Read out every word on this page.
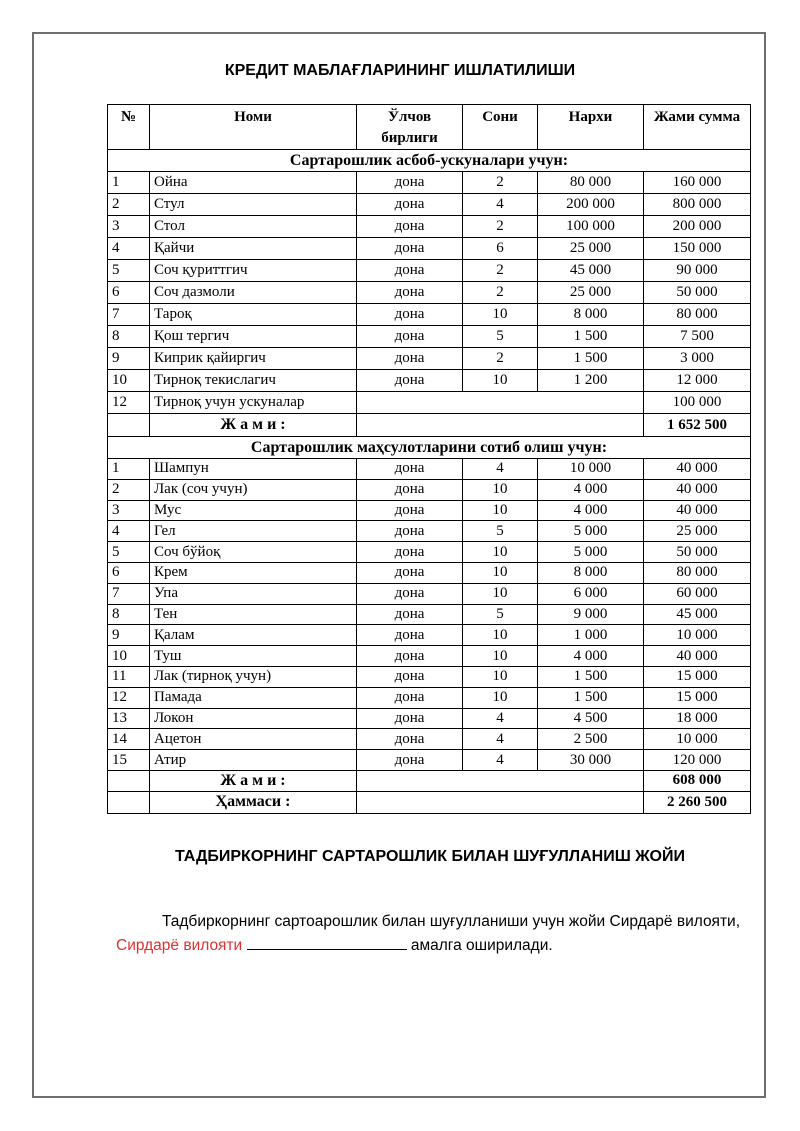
КРЕДИТ МАБЛАҒЛАРИНИНГ ИШЛАТИЛИШИ
№	Номи	Ўлчов бирлиги	Сони	Нархи	Жами сумма
Сартарошлик асбоб-ускуналари учун:					
1	Ойна	дона	2	80 000	160 000
2	Стул	дона	4	200 000	800 000
3	Стол	дона	2	100 000	200 000
4	Қайчи	дона	6	25 000	150 000
5	Соч қуриттгич	дона	2	45 000	90 000
6	Соч дазмоли	дона	2	25 000	50 000
7	Тароқ	дона	10	8 000	80 000
8	Қош тергич	дона	5	1 500	7 500
9	Киприк қайиргич	дона	2	1 500	3 000
10	Тирноқ текислагич	дона	10	1 200	12 000
12	Тирноқ учун ускуналар				100 000
	Ж а м и :				1 652 500
Сартарошлик маҳсулотларини сотиб олиш учун:					
1	Шампун	дона	4	10 000	40 000
2	Лак (соч учун)	дона	10	4 000	40 000
3	Мус	дона	10	4 000	40 000
4	Гел	дона	5	5 000	25 000
5	Соч бўйоқ	дона	10	5 000	50 000
6	Крем	дона	10	8 000	80 000
7	Упа	дона	10	6 000	60 000
8	Тен	дона	5	9 000	45 000
9	Қалам	дона	10	1 000	10 000
10	Туш	дона	10	4 000	40 000
11	Лак (тирноқ учун)	дона	10	1 500	15 000
12	Памада	дона	10	1 500	15 000
13	Локон	дона	4	4 500	18 000
14	Ацетон	дона	4	2 500	10 000
15	Атир	дона	4	30 000	120 000
	Ж а м и :				608 000
	Ҳаммаси :				2 260 500
ТАДБИРКОРНИНГ САРТАРОШЛИК БИЛАН ШУҒУЛЛАНИШ ЖОЙИ
Тадбиркорнинг сартоарошлик билан шуғулланиши учун жойи Сирдарё вилояти, Сирдарё вилояти	амалга оширилади.
